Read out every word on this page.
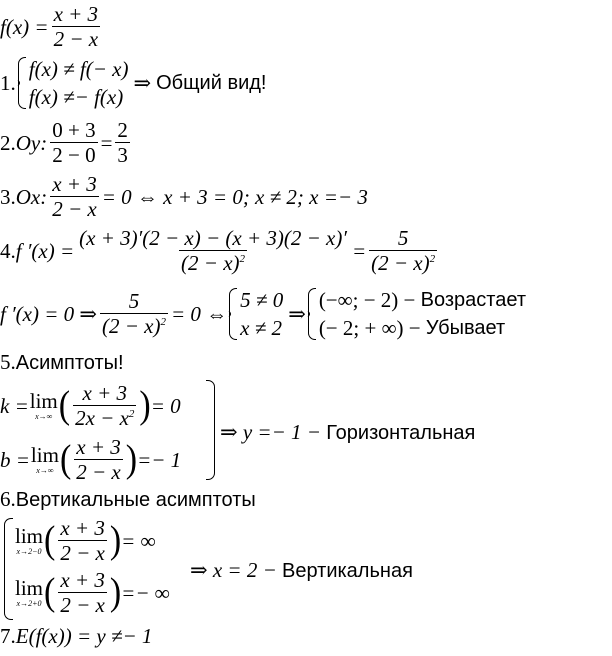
$f(x) = \frac{x + 3}{2 - x}$
1.
f(x) ≠ f(− x)
f(x) ≠− f(x)
⇒ Общий вид!
2. Oy: $\frac{0 + 3}{2 - 0} = \frac{2}{3}$
3. Ox: $\frac{x + 3}{2 - x} = 0$ ⇔ x + 3 = 0; x ≠ 2; x =− 3
4. f $'(x) = \frac{(x + 3)'(2 - x) - (x + 3)(2 - x)'}{(2 - x)^2} = \frac{5}{(2 - x)^2}$
f ′(x) = 0 ⇒ $\frac{5}{(2 - x)^2} = 0$ ⇔
5 ≠ 0
x ≠ 2
⇒
(−∞; − 2) −
Возрастает
(− 2; + ∞) −
Убывает
5. Асимптоты!
k = lim
x→∞ ( $\frac{x + 3}{2x - x^2}$ ) = 0
b = lim
x→∞ ( $\frac{x + 3}{2 - x}$ ) =− 1
⇒ y =− 1 −
Горизонтальная
6. Вертикальные асимптоты
lim
x→2−0 ( $\frac{x + 3}{2 - x}$ ) = ∞
lim
x→2+0 ( $\frac{x + 3}{2 - x}$ ) =− ∞
⇒ x = 2 −
Вертикальная
7. E(f(x)) = y ≠− 1
